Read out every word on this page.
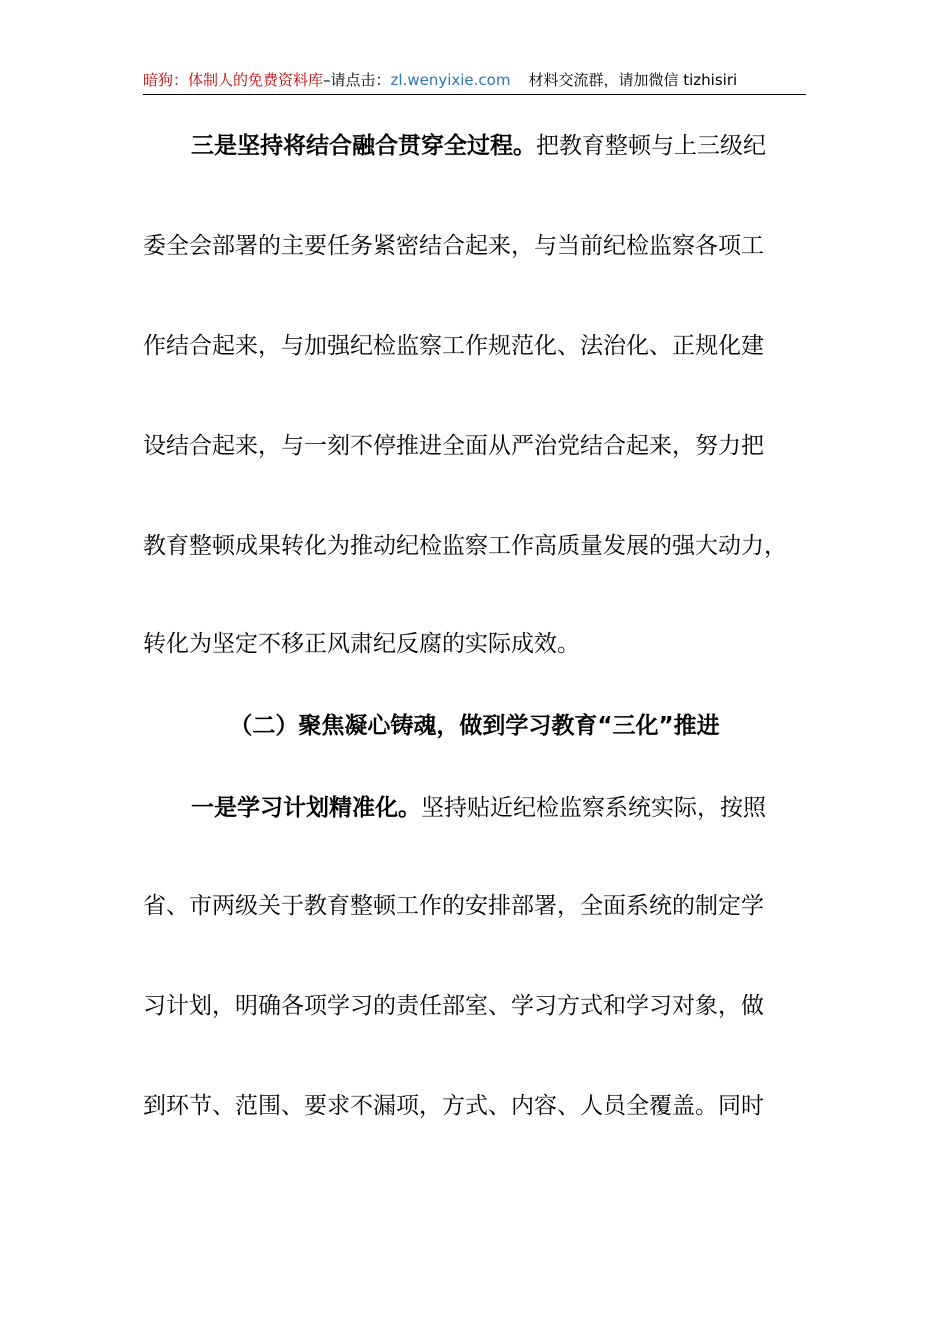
暗狗：体制人的免费资料库–请点击：zl.wenyixie.com 材料交流群，请加微信 tizhisiri
三是坚持将结合融合贯穿全过程。把教育整顿与上三级纪
委全会部署的主要任务紧密结合起来，与当前纪检监察各项工
作结合起来，与加强纪检监察工作规范化、法治化、正规化建
设结合起来，与一刻不停推进全面从严治党结合起来，努力把
教育整顿成果转化为推动纪检监察工作高质量发展的强大动力，
转化为坚定不移正风肃纪反腐的实际成效。
（二）聚焦凝心铸魂，做到学习教育“三化”推进
一是学习计划精准化。坚持贴近纪检监察系统实际，按照
省、市两级关于教育整顿工作的安排部署，全面系统的制定学
习计划，明确各项学习的责任部室、学习方式和学习对象，做
到环节、范围、要求不漏项，方式、内容、人员全覆盖。同时
